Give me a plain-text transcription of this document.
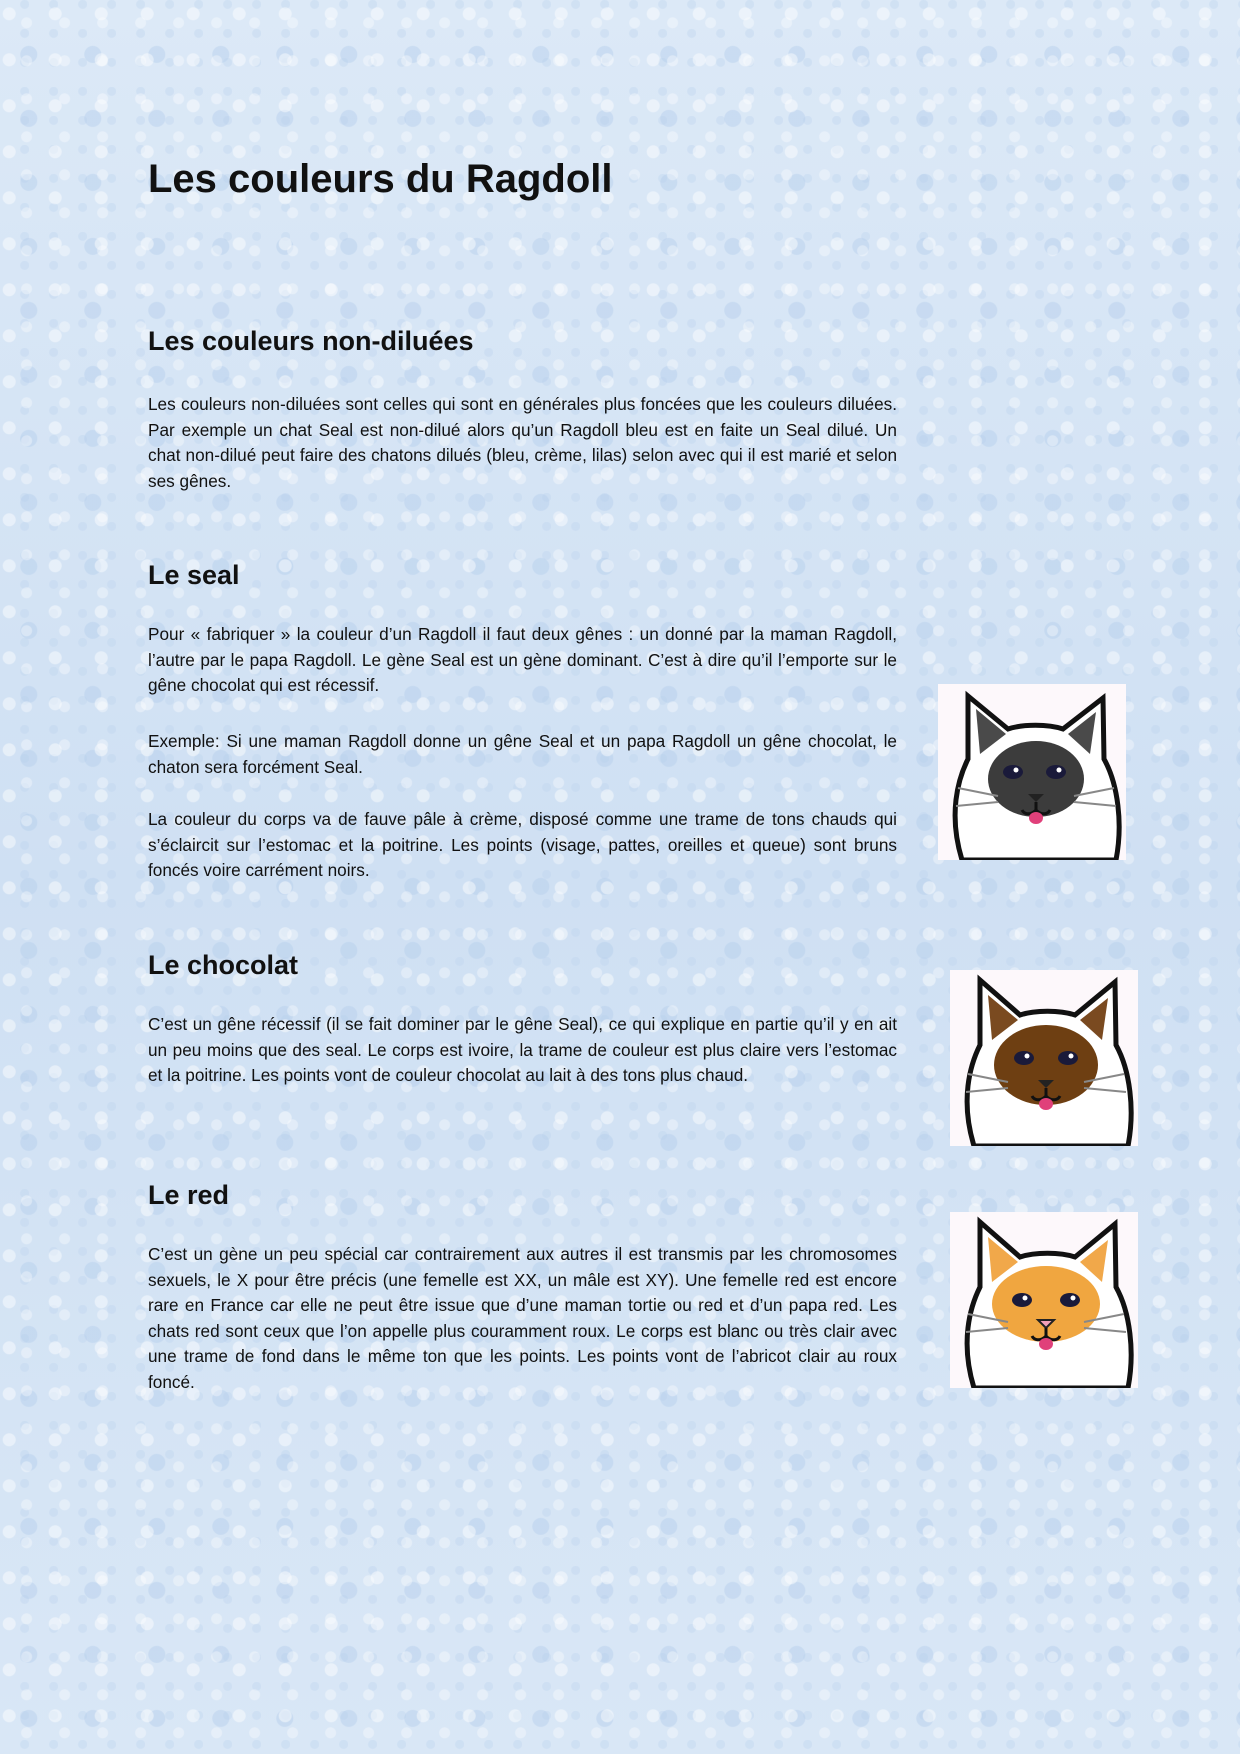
Les couleurs du Ragdoll
Les couleurs non-diluées

Les couleurs non-diluées sont celles qui sont en générales plus foncées que les couleurs diluées. Par exemple un chat Seal est non-dilué alors qu’un Ragdoll bleu est en faite un Seal dilué. Un chat non-dilué peut faire des chatons dilués (bleu, crème, lilas) selon avec qui il est marié et selon ses gênes.

Le seal

Pour « fabriquer » la couleur d’un Ragdoll il faut deux gênes : un donné par la maman Ragdoll, l’autre par le papa Ragdoll. Le gène Seal est un gène dominant. C’est à dire qu’il l’emporte sur le gêne chocolat qui est récessif.

Exemple: Si une maman Ragdoll donne un gêne Seal et un papa Ragdoll un gêne chocolat, le chaton sera forcément Seal.

La couleur du corps va de fauve pâle à crème, disposé comme une trame de tons chauds qui s’éclaircit sur l’estomac et la poitrine. Les points (visage, pattes, oreilles et queue) sont bruns foncés voire carrément noirs.

Le chocolat

C’est un gêne récessif (il se fait dominer par le gêne Seal), ce qui explique en partie qu’il y en ait un peu moins que des seal. Le corps est ivoire, la trame de couleur est plus claire vers l’estomac et la poitrine. Les points vont de couleur chocolat au lait à des tons plus chaud.

Le red

C’est un gène un peu spécial car contrairement aux autres il est transmis par les chromosomes sexuels, le X pour être précis (une femelle est XX, un mâle est XY). Une femelle red est encore rare en France car elle ne peut être issue que d’une maman tortie ou red et d’un papa red. Les chats red sont ceux que l’on appelle plus couramment roux. Le corps est blanc ou très clair avec une trame de fond dans le même ton que les points. Les points vont de l’abricot clair au roux foncé.
